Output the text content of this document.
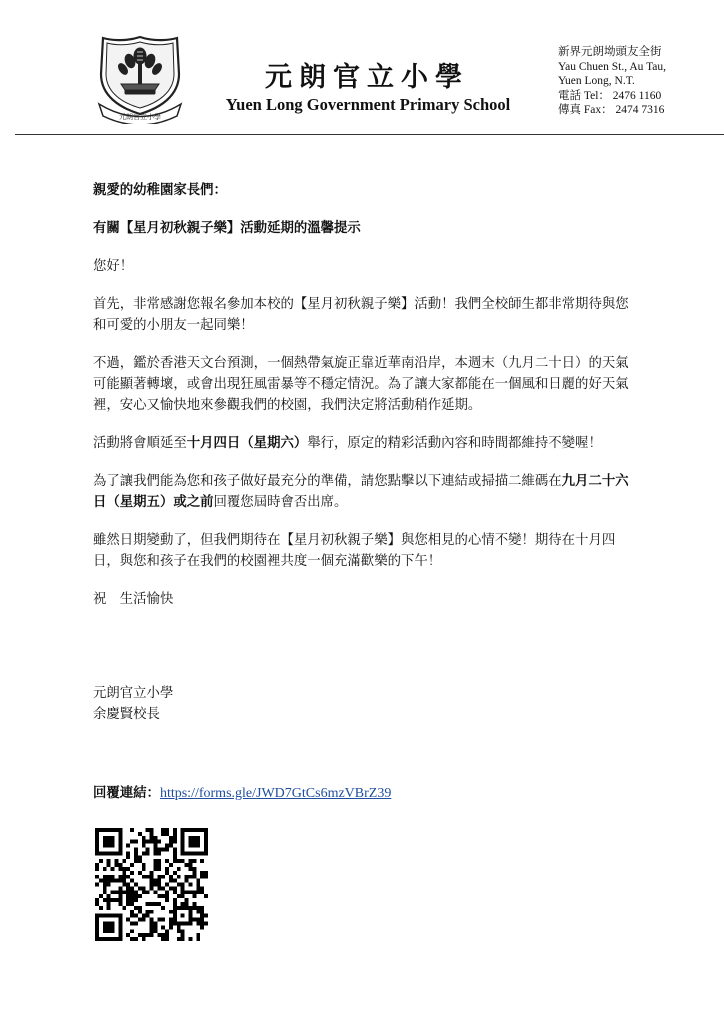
元朗官立小學
元朗官立小學
Yuen Long Government Primary School
新界元朗坳頭友全街
Yau Chuen St., Au Tau,
Yuen Long, N.T.
電話 Tel： 2476 1160
傳真 Fax： 2474 7316

親愛的幼稚園家長們：

有關【星月初秋親子樂】活動延期的溫馨提示

您好！

首先，非常感謝您報名參加本校的【星月初秋親子樂】活動！我們全校師生都非常期待與您和可愛的小朋友一起同樂！

不過，鑑於香港天文台預測，一個熱帶氣旋正靠近華南沿岸，本週末（九月二十日）的天氣可能顯著轉壞，或會出現狂風雷暴等不穩定情況。為了讓大家都能在一個風和日麗的好天氣裡，安心又愉快地來參觀我們的校園，我們決定將活動稍作延期。

活動將會順延至十月四日（星期六）舉行，原定的精彩活動內容和時間都維持不變喔！

為了讓我們能為您和孩子做好最充分的準備，請您點擊以下連結或掃描二維碼在九月二十六日（星期五）或之前回覆您屆時會否出席。

雖然日期變動了，但我們期待在【星月初秋親子樂】與您相見的心情不變！期待在十月四日，與您和孩子在我們的校園裡共度一個充滿歡樂的下午！

祝　生活愉快

元朗官立小學
余慶賢校長
回覆連結：https://forms.gle/JWD7GtCs6mzVBrZ39
